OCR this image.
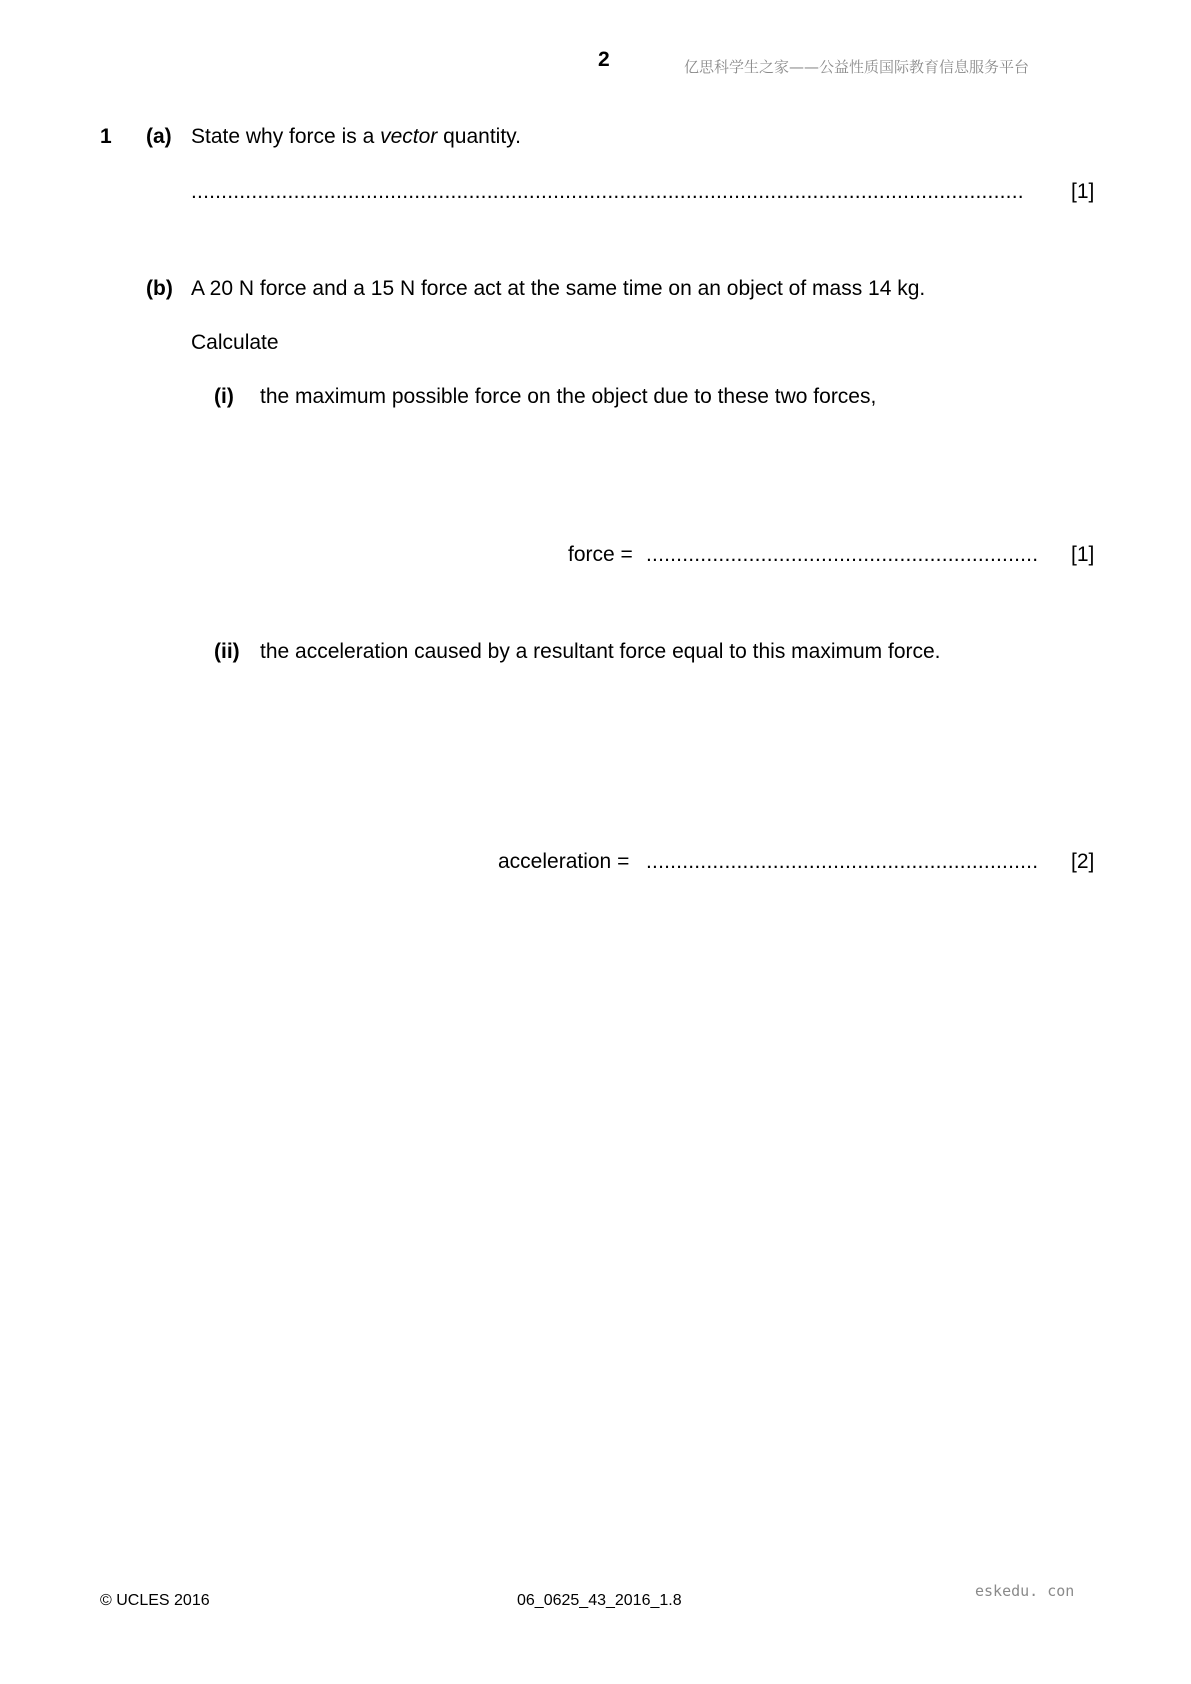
2	亿思科学生之家——公益性质国际教育信息服务平台
1 (a) State why force is a vector quantity.
..........................................................................................................................................	[1]
(b) A 20 N force and a 15 N force act at the same time on an object of mass 14 kg.
Calculate
(i) the maximum possible force on the object due to these two forces,
force = .................................................................	[1]
(ii) the acceleration caused by a resultant force equal to this maximum force.
acceleration = .................................................................	[2]
© UCLES 2016	06_0625_43_2016_1.8
eskedu. con
